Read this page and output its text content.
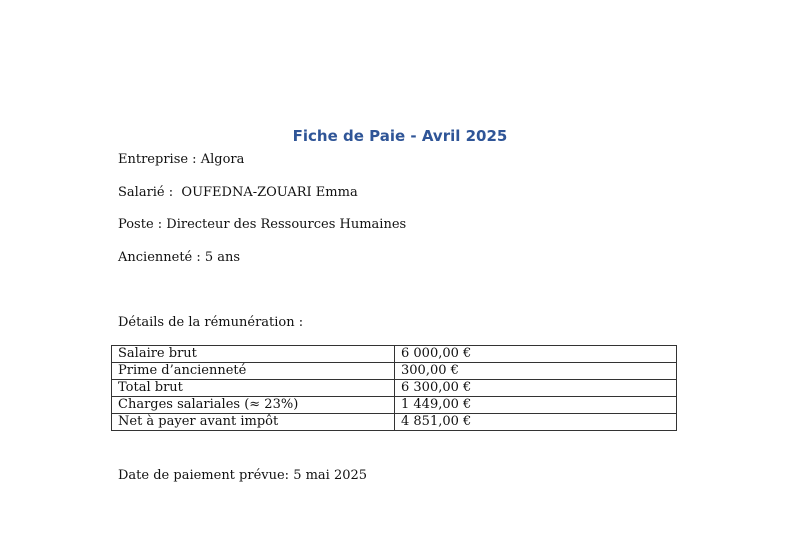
Fiche de Paie - Avril 2025
Entreprise : Algora
Salarié :  OUFEDNA-ZOUARI Emma
Poste : Directeur des Ressources Humaines
Ancienneté : 5 ans
Détails de la rémunération :
Salaire brut	6 000,00 €
Prime d’ancienneté	300,00 €
Total brut	6 300,00 €
Charges salariales (≈ 23%)	1 449,00 €
Net à payer avant impôt	4 851,00 €
Date de paiement prévue: 5 mai 2025
